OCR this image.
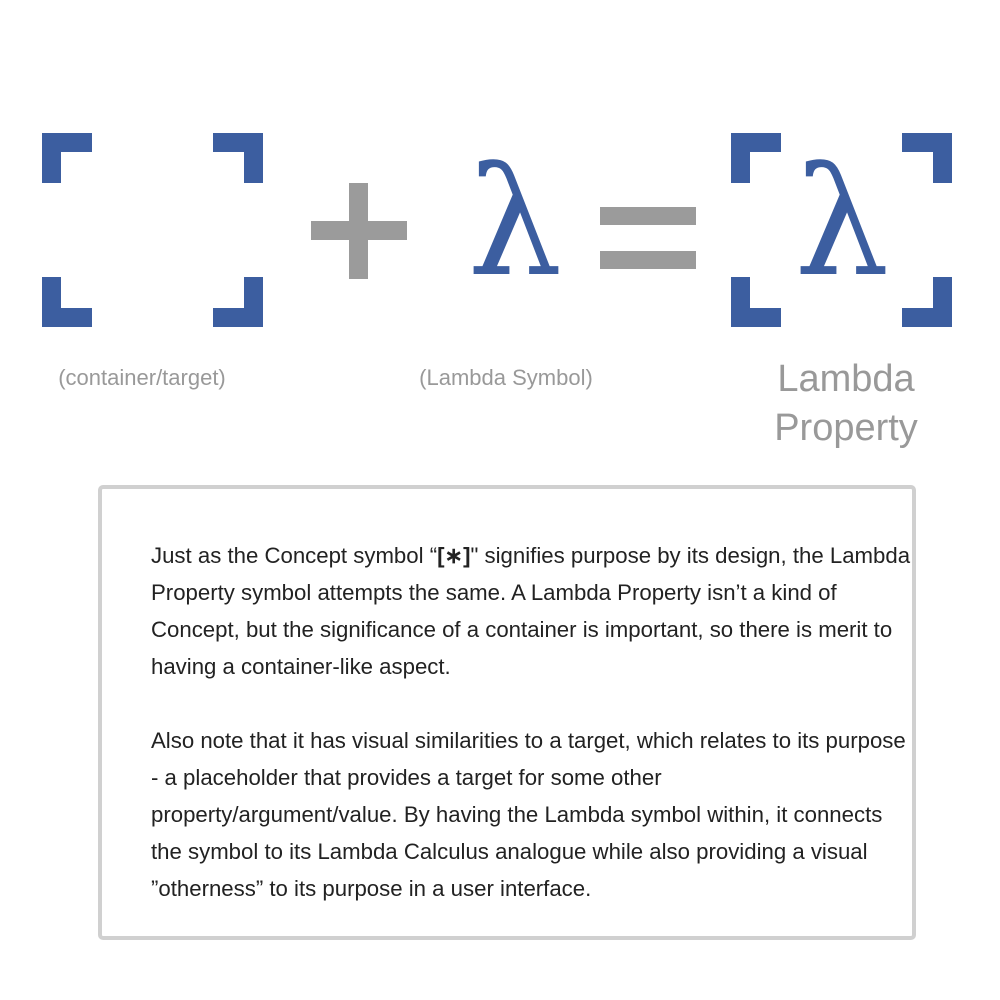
λ λ
(container/target)	(Lambda Symbol)	Lambda
Property

Just as the Concept symbol “[∗]" signifies purpose by its design, the Lambda Property symbol attempts the same. A Lambda Property isn’t a kind of Concept, but the significance of a container is important, so there is merit to having a container-like aspect.

Also note that it has visual similarities to a target, which relates to its purpose - a placeholder that provides a target for some other property/argument/value. By having the Lambda symbol within, it connects the symbol to its Lambda Calculus analogue while also providing a visual ”otherness” to its purpose in a user interface.
